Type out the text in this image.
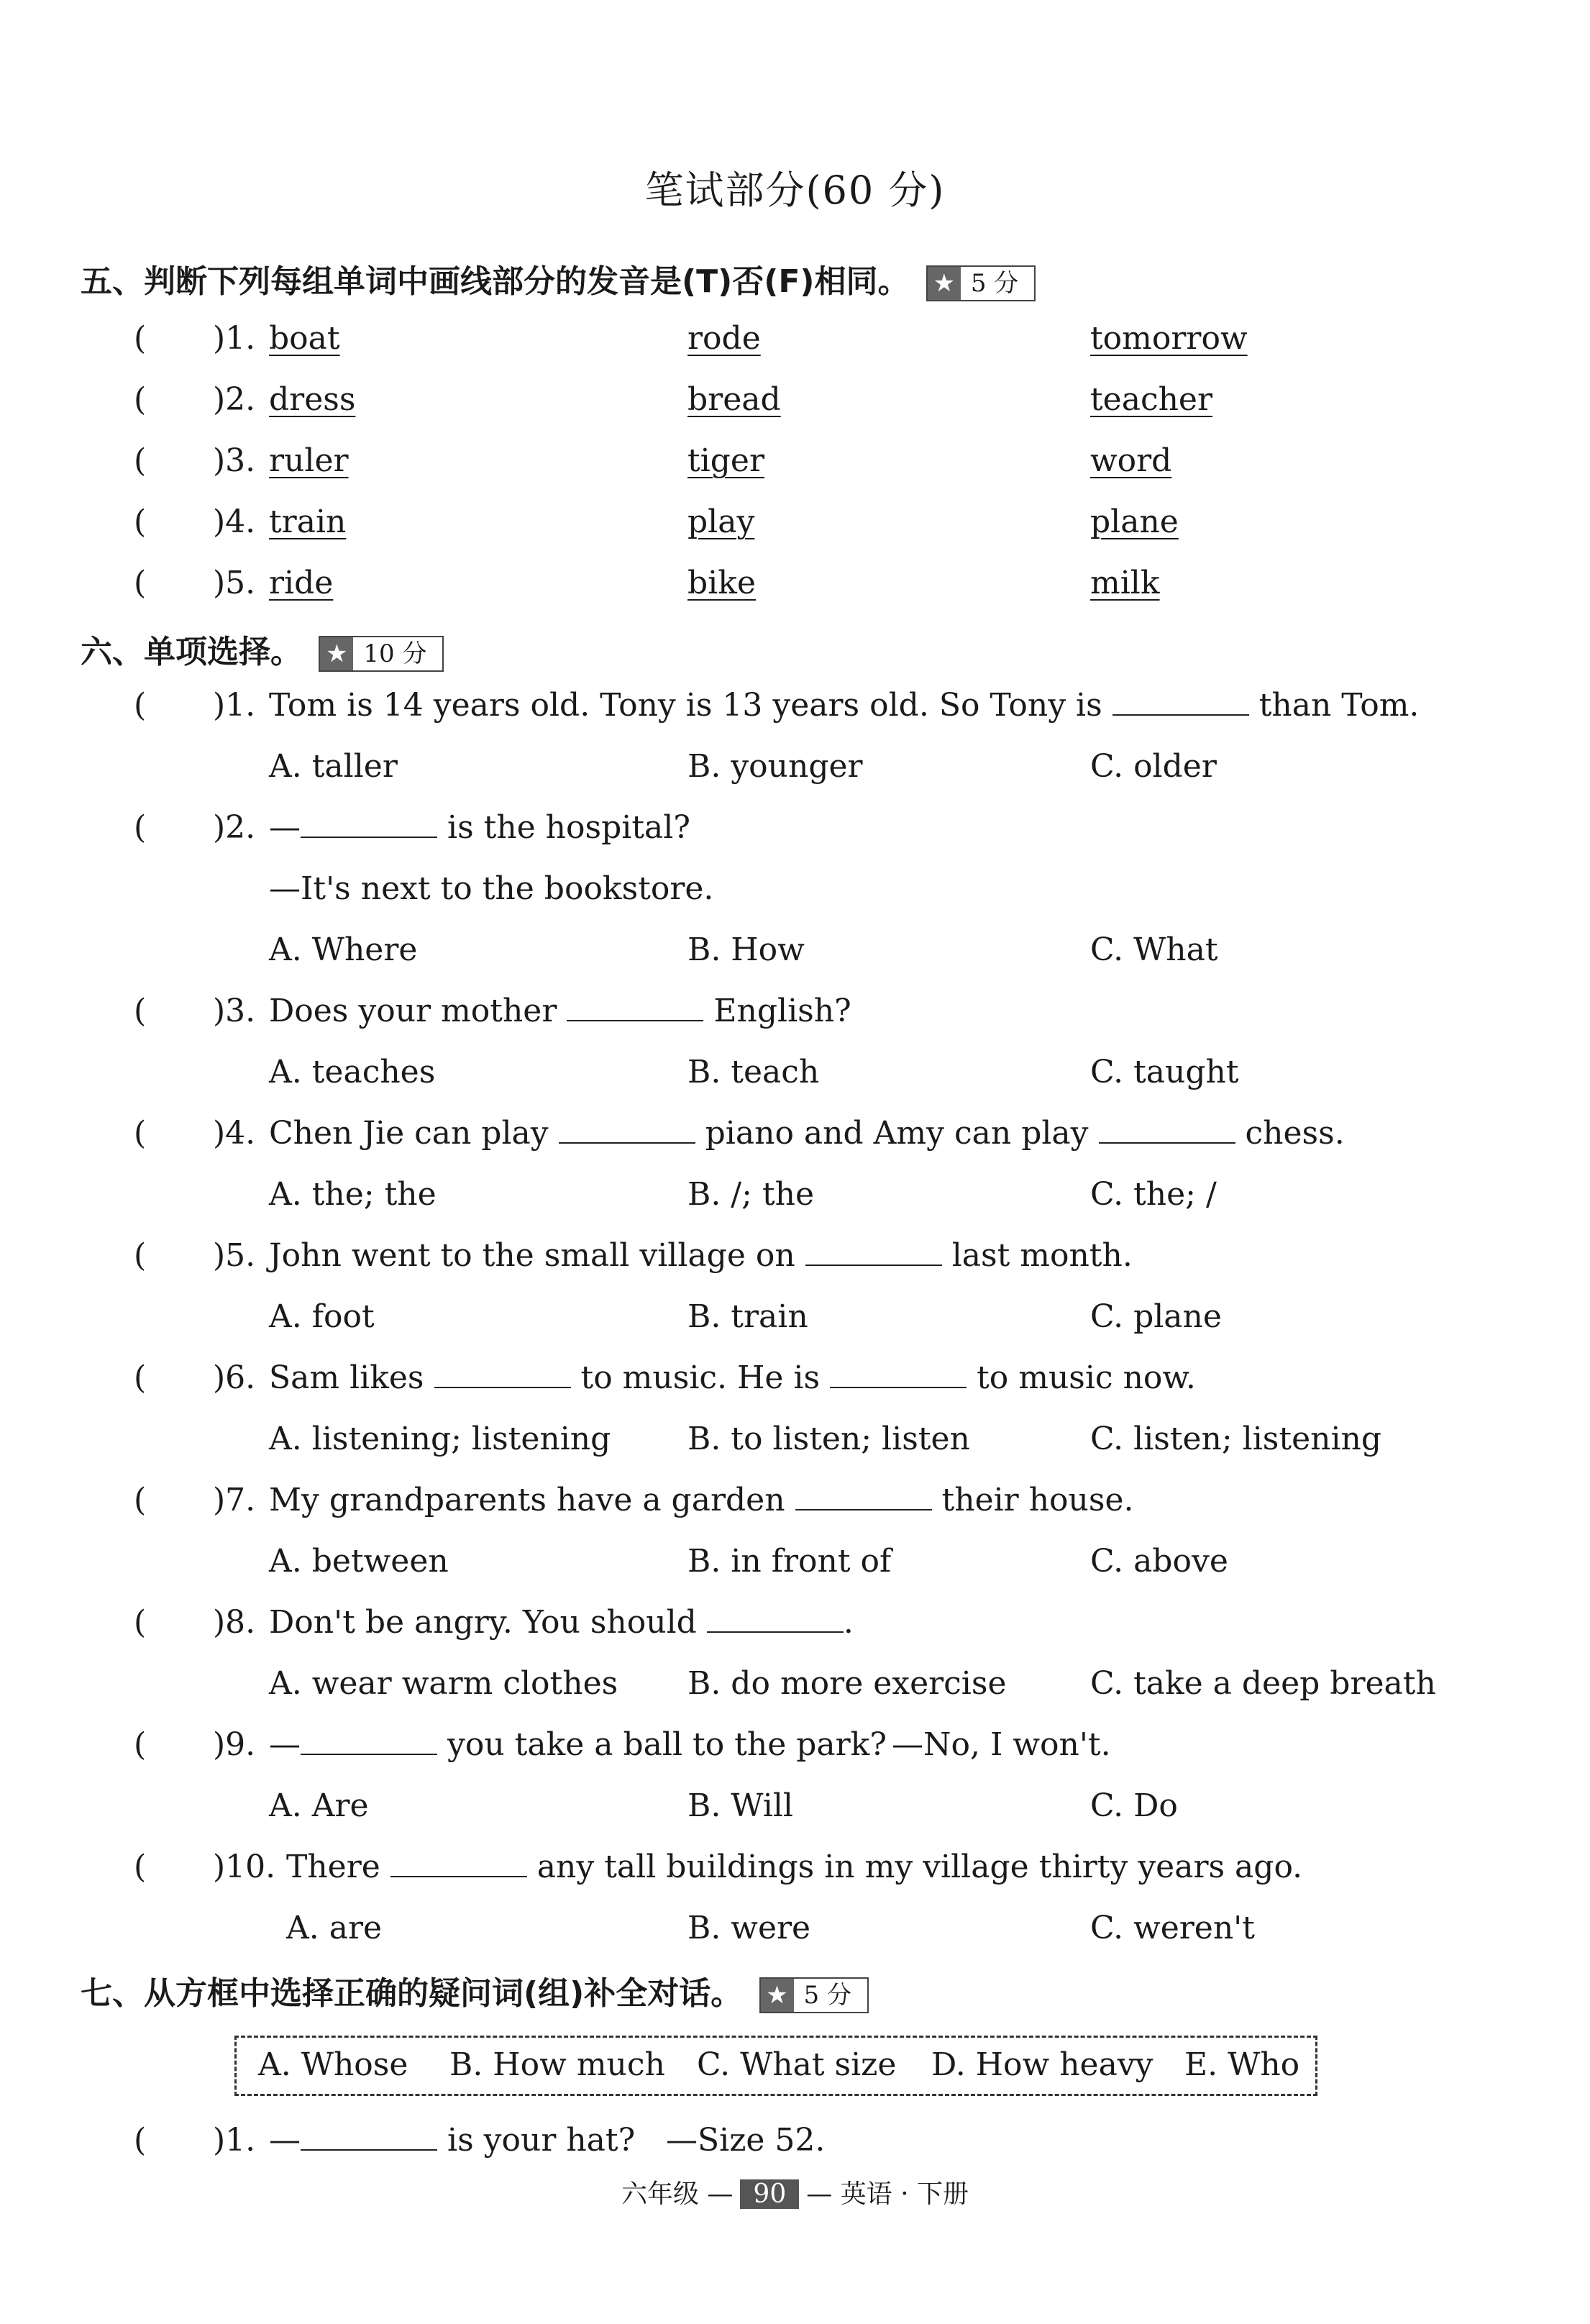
笔试部分(60 分)
五、判断下列每组单词中画线部分的发音是(T)否(F)相同。 ★ 5 分
( )1. boat	rode	tomorrow
( )2. dress	bread	teacher
( )3. ruler	tiger	word
( )4. train	play	plane
( )5. ride	bike	milk
六、单项选择。 ★ 10 分
( )1. Tom is 14 years old. Tony is 13 years old. So Tony is	than Tom.
A. taller	B. younger	C. older
( )2. —	is the hospital?
—It's next to the bookstore.
A. Where	B. How	C. What
( )3. Does your mother	English?
A. teaches	B. teach	C. taught
( )4. Chen Jie can play	piano and Amy can play	chess.
A. the; the	B. /; the	C. the; /
( )5. John went to the small village on	last month.
A. foot	B. train	C. plane
( )6. Sam likes	to music. He is	to music now.
A. listening; listening B. to listen; listen	C. listen; listening
( )7. My grandparents have a garden	their house.
A. between	B. in front of	C. above
( )8. Don't be angry. You should	.
A. wear warm clothes B. do more exercise	C. take a deep breath
( )9. —	you take a ball to the park? —No, I won't.
A. Are	B. Will	C. Do
( )10. There	any tall buildings in my village thirty years ago.
A. are	B. were	C. weren't
七、从方框中选择正确的疑问词(组)补全对话。 ★ 5 分
A. Whose B. How much C. What size D. How heavy E. Who
( )1. —	is your hat? —Size 52.
六年级 — 90 — 英语 · 下册
